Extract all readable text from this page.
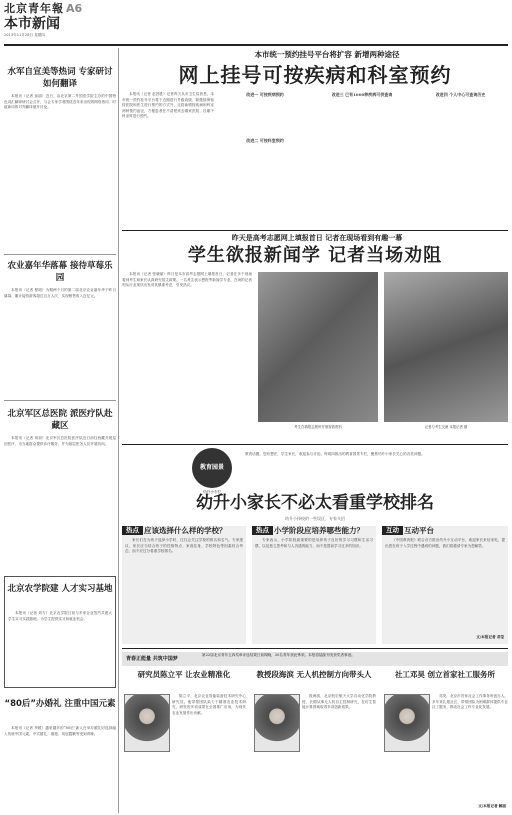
北京青年報 A6
本市新闻
2013年11月28日 星期四
水军自宣美等热词 专家研讨如何翻译

本报讯（记者 邱丽）近日，由北京第二外国语学院主办的中国特色词汇翻译研讨会召开，与会专家学者围绕近年来出现的网络热词、时政新词的对外翻译展开讨论。

农业嘉年华落幕 接待草莓乐园

本报讯（记者 程明）为期两个月的第二届北京农业嘉年华于昨日落幕，累计接待游客超过百万人次，实现销售收入近亿元。

北京军区总医院 派医疗队赴藏区

本报讯（记者 刘昶）北京军区总医院医疗队近日前往西藏开展巡回医疗，为当地群众提供诊疗服务，并为基层医务人员开展培训。

北京农学院建 人才实习基地

本报讯（记者 刘方）北京农学院日前与多家企业签约共建大学生实习实践基地，为学生提供实习和就业机会。

“80后”办婚礼 注重中国元素

本报讯（记者 李媛）越来越多的“80后”新人在举办婚礼时选择融入传统中国元素，中式婚礼、旗袍、凤冠霞帔等受到青睐。

本市统一预约挂号平台将扩容 新增两种途径
网上挂号可按疾病和科室预约

本报讯（记者 赵昌胜）记者昨天从市卫生局获悉，本市统一预约挂号平台将于近期进行升级改版，除继续保留按医院和医生进行预约的方式外，还将新增按疾病和科室两种预约途径，方便患者在不清楚该去哪家医院、挂哪个科室时进行预约。

改进一 可按疾病预约
改进二 可按科室预约
改进三 已有1600种疾病可供查询	改进四 个人中心可查询历史
昨天是高考志愿网上填报首日 记者在现场看到有趣一幕
学生欲报新闻学 记者当场劝阻

本报讯（记者 张晓丽）昨日是本市高考志愿网上填报首日，记者在多个现场看到考生和家长认真研究招生政策。一名考生表示想报考新闻学专业，在场的记者则从行业现状出发劝其慎重考虑，引发热议。

考生在填报志愿时仔细查看资料	记者与考生交流 本报记者 摄
教育园景
幼升小专栏

教育话题，您有想法，学生家长，欢迎参与讨论。每周四推出的教育园景专栏，聚焦幼升小家长关心的各类问题。

幼升小家长不必太看重学校排名
幼升小择校的一些误区，专家支招
热点 应该选择什么样的学校？

家长们在为孩子选择小学时，往往会关注学校的排名和名气。专家建议，家长应当结合孩子的性格特点、家庭住址、学校特色等因素综合考虑，而不应过分看重学校排名。

热点 小学阶段应培养哪些能力？

专家表示，小学阶段最重要的是培养孩子良好的学习习惯和生活习惯，以及独立思考和与人沟通的能力，而不是提前学习过多的知识。

互动 互动平台

《中国教育报》联合各方推出幼升小互动平台，欢迎家长来信来电，提出您在孩子入学过程中遇到的问题，我们将邀请专家为您解答。

文/本报记者 邓莹
青春正能量 共筑中国梦
第22届北京青年五四奖章评选结果日前揭晓，20名青年获此殊荣。本报将陆续刊发获奖者事迹。
研究员陈立平 让农业精准化

陈立平，北京农业智能装备技术研究中心研究员。他带领团队致力于精准农业技术研究，研发的多项成果在全国推广应用，为现代农业发展作出贡献。

教授段海滨 无人机控制方向带头人

段海滨，北京航空航天大学自动化学院教授，长期从事无人机自主控制研究，在仿生智能计算领域取得多项创新成果。

社工邓昊 创立首家社工服务所

邓昊，北京市首家社会工作事务所创办人。多年来扎根社区，带领团队为困难群体提供专业社工服务，推动社会工作专业化发展。

文/本报记者 解丽
